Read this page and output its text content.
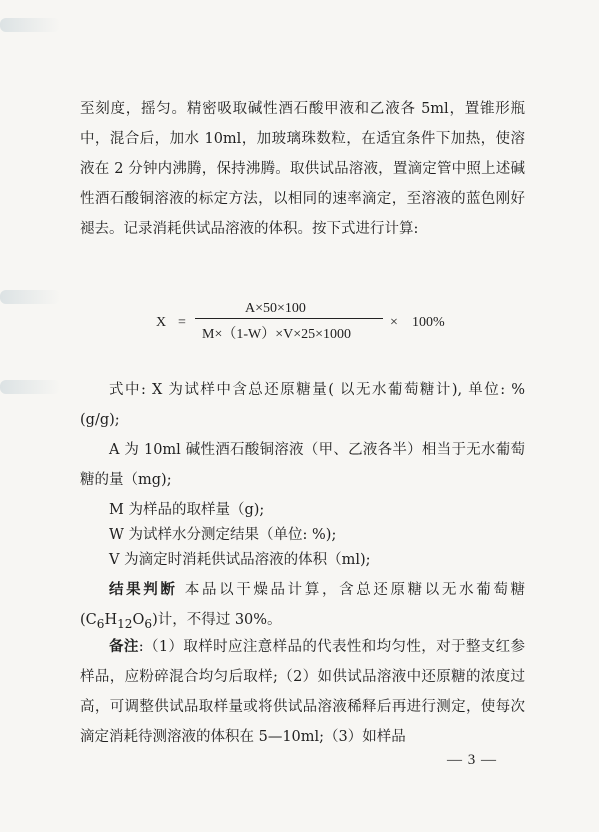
至刻度，摇匀。精密吸取碱性酒石酸甲液和乙液各 5ml，置锥形瓶中，混合后，加水 10ml，加玻璃珠数粒，在适宜条件下加热，使溶液在 2 分钟内沸腾，保持沸腾。取供试品溶液，置滴定管中照上述碱性酒石酸铜溶液的标定方法，以相同的速率滴定，至溶液的蓝色刚好褪去。记录消耗供试品溶液的体积。按下式进行计算:

X =
A×50×100
M×（1-W）×V×25×1000
× 100%

式中: X 为试样中含总还原糖量( 以无水葡萄糖计), 单位: %(g/g);

A 为 10ml 碱性酒石酸铜溶液（甲、乙液各半）相当于无水葡萄糖的量（mg);

M 为样品的取样量（g);

W 为试样水分测定结果（单位: %);

V 为滴定时消耗供试品溶液的体积（ml);

结果判断 本品以干燥品计算，含总还原糖以无水葡萄糖 $(C_6H_{12}O_6)$计，不得过 30%。

备注:（1）取样时应注意样品的代表性和均匀性，对于整支红参样品，应粉碎混合均匀后取样;（2）如供试品溶液中还原糖的浓度过高，可调整供试品取样量或将供试品溶液稀释后再进行测定，使每次滴定消耗待测溶液的体积在 5—10ml;（3）如样品

— 3 —
